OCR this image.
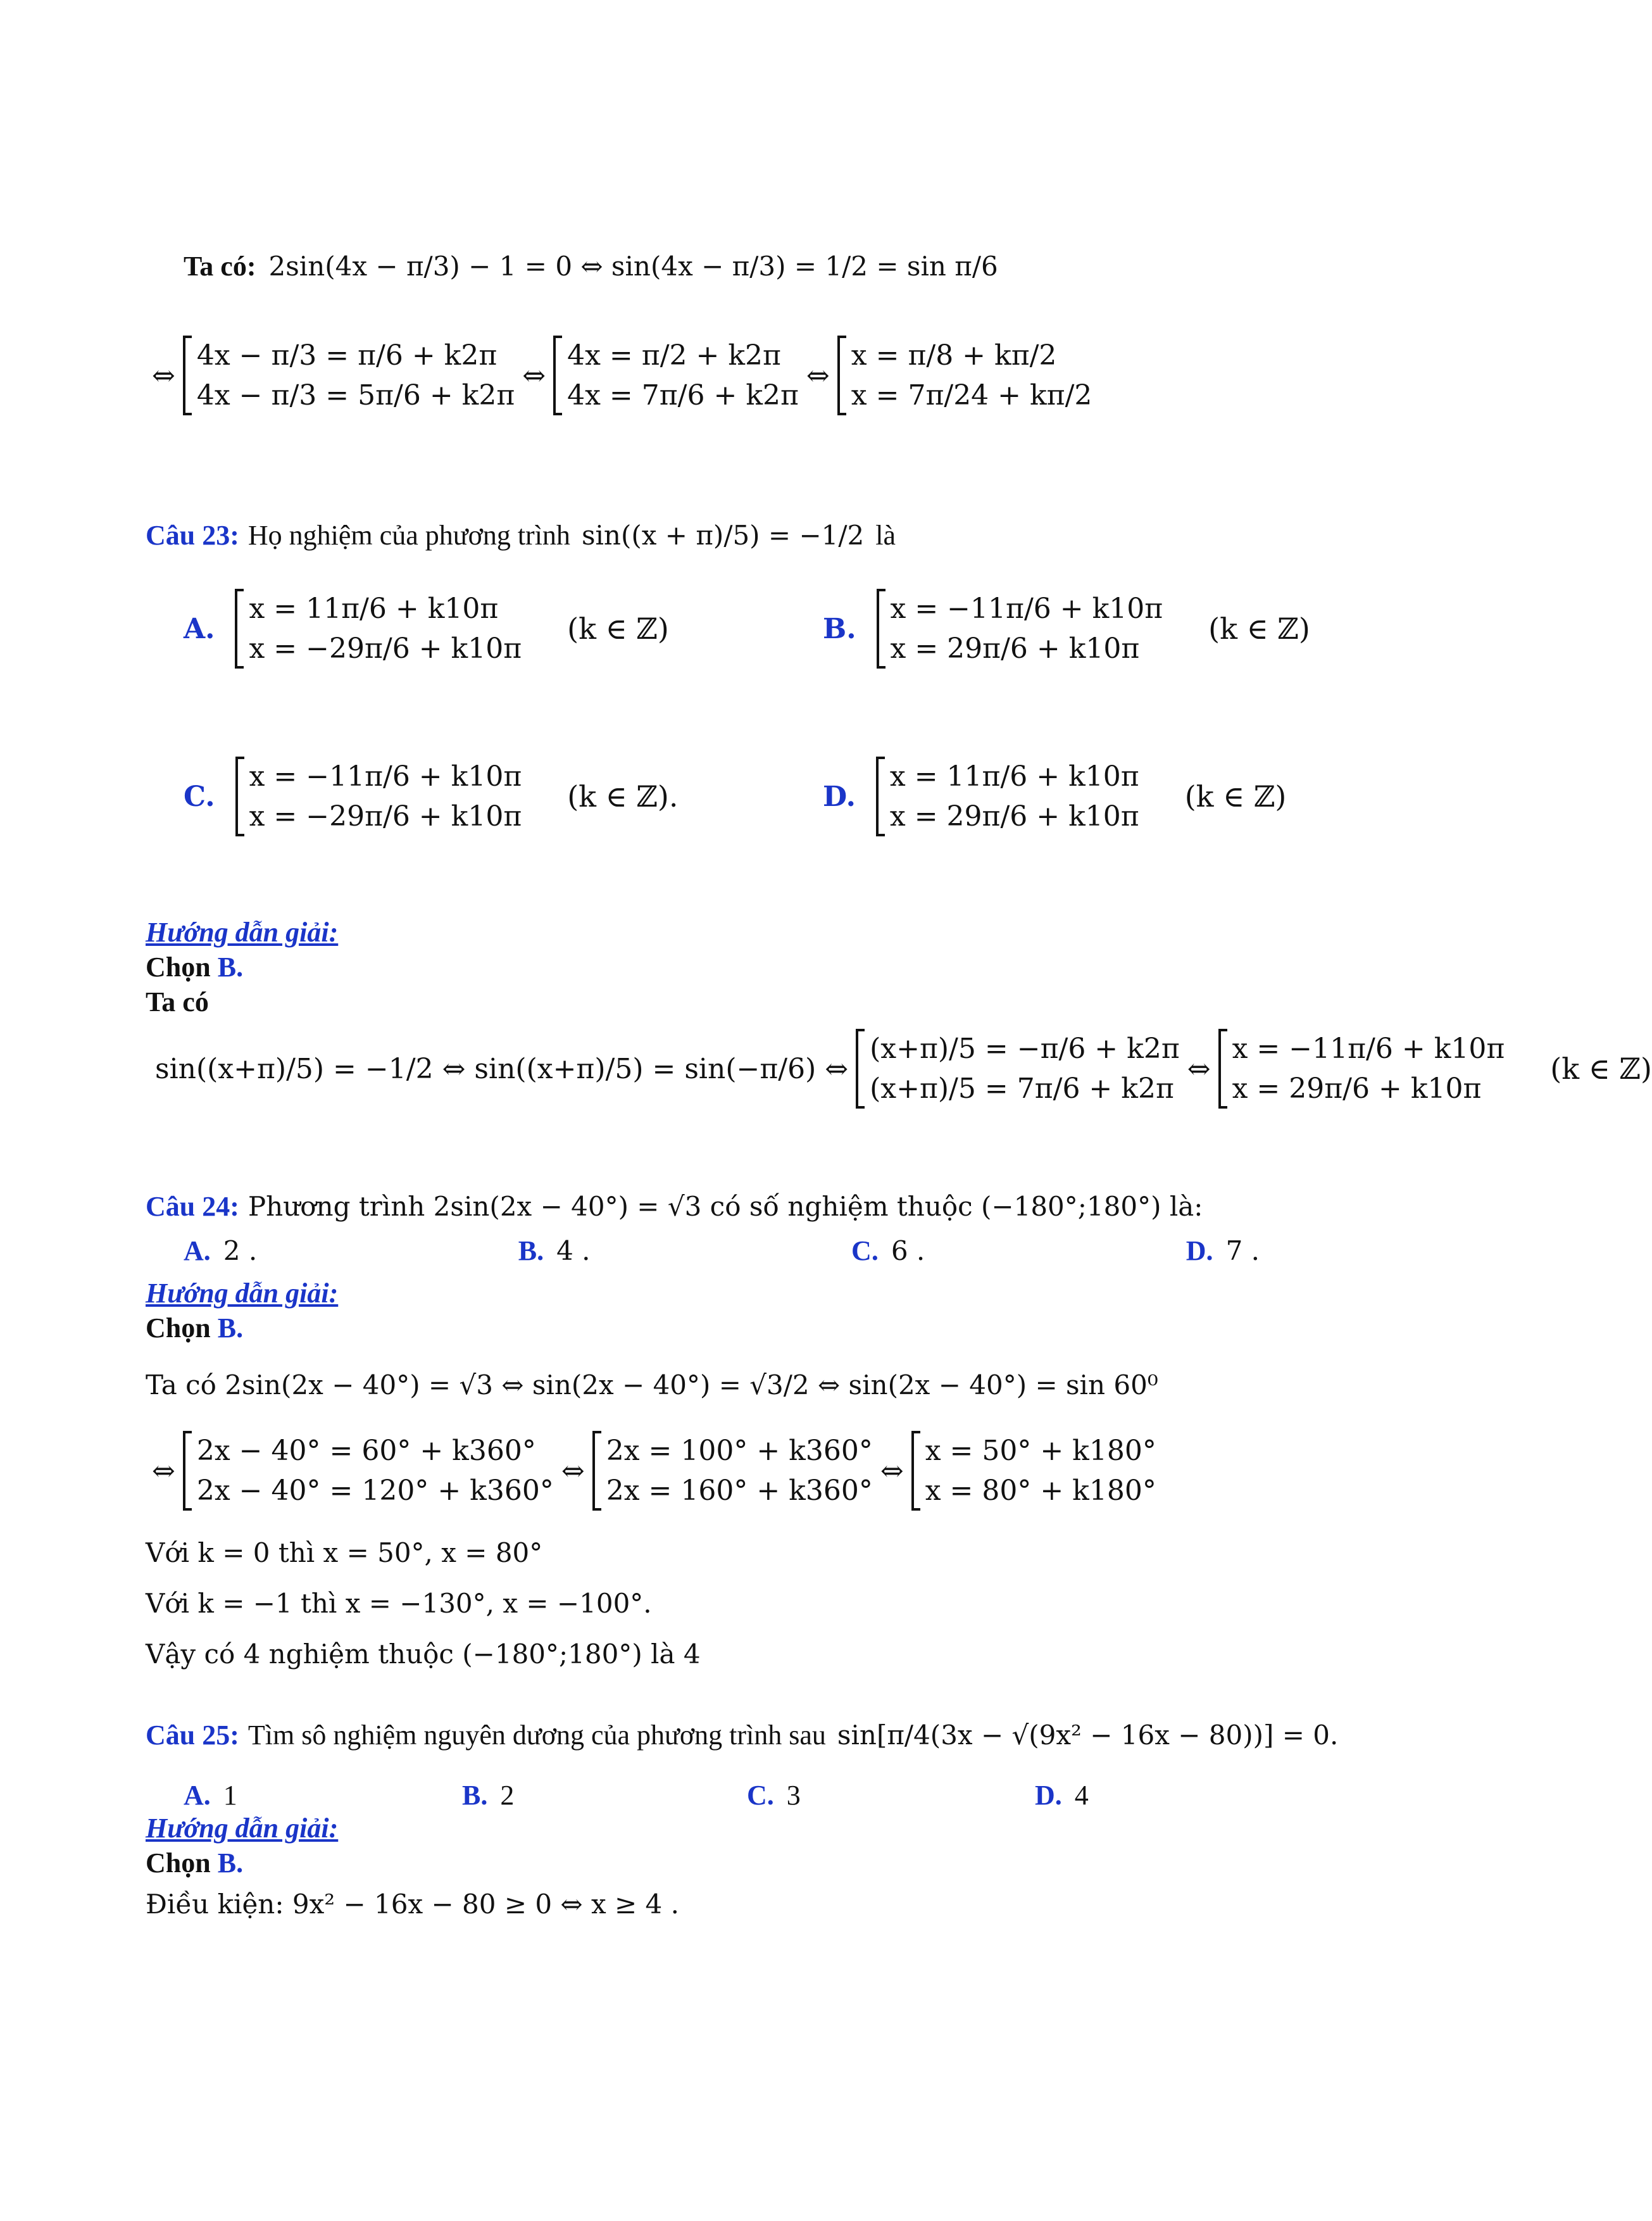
Ta có: 2sin(4x − π/3) − 1 = 0 ⇔ sin(4x − π/3) = 1/2 = sin π/6
⇔
4x − π/3 = π/6 + k2π
4x − π/3 = 5π/6 + k2π
⇔
4x = π/2 + k2π
4x = 7π/6 + k2π
⇔
x = π/8 + kπ/2
x = 7π/24 + kπ/2
Câu 23: Họ nghiệm của phương trình sin((x + π)/5) = −1/2 là
A.
x = 11π/6 + k10π
x = −29π/6 + k10π
(k ∈ ℤ)	B.
x = −11π/6 + k10π
x = 29π/6 + k10π
(k ∈ ℤ)
C.
x = −11π/6 + k10π
x = −29π/6 + k10π
(k ∈ ℤ).	D.
x = 11π/6 + k10π
x = 29π/6 + k10π
(k ∈ ℤ)
Hướng dẫn giải:
Chọn B.
Ta có
sin((x+π)/5) = −1/2 ⇔ sin((x+π)/5) = sin(−π/6) ⇔
(x+π)/5 = −π/6 + k2π
(x+π)/5 = 7π/6 + k2π
⇔
x = −11π/6 + k10π
x = 29π/6 + k10π
(k ∈ ℤ)
Câu 24: Phương trình 2sin(2x − 40°) = √3 có số nghiệm thuộc (−180°;180°) là:
A. 2 .	B. 4 .	C. 6 .	D. 7 .
Hướng dẫn giải:
Chọn B.
Ta có 2sin(2x − 40°) = √3 ⇔ sin(2x − 40°) = √3/2 ⇔ sin(2x − 40°) = sin 60⁰
⇔
2x − 40° = 60° + k360°
2x − 40° = 120° + k360°
⇔
2x = 100° + k360°
2x = 160° + k360°
⇔
x = 50° + k180°
x = 80° + k180°
Với k = 0 thì x = 50°, x = 80°
Với k = −1 thì x = −130°, x = −100°.
Vậy có 4 nghiệm thuộc (−180°;180°) là 4
Câu 25: Tìm sô nghiệm nguyên dương của phương trình sau sin[π/4(3x − √(9x² − 16x − 80))] = 0.
A. 1	B. 2	C. 3	D. 4
Hướng dẫn giải:
Chọn B.
Điều kiện: 9x² − 16x − 80 ≥ 0 ⇔ x ≥ 4 .
